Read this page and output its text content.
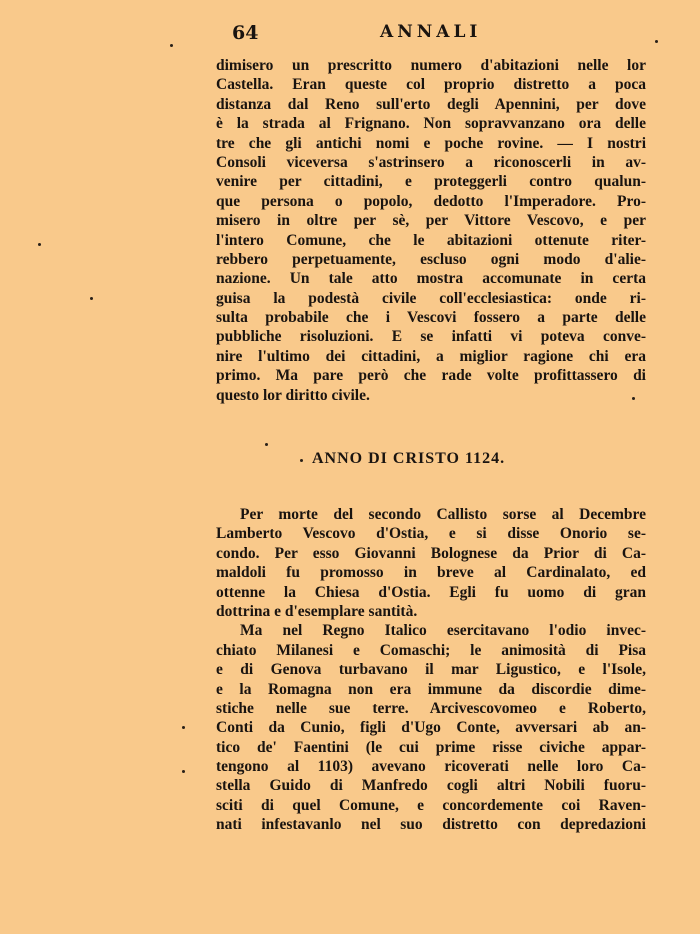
64	ANNALI
dimisero un prescritto numero d'abitazioni nelle lor
Castella. Eran queste col proprio distretto a poca
distanza dal Reno sull'erto degli Apennini, per dove
è la strada al Frignano. Non sopravvanzano ora delle
tre che gli antichi nomi e poche rovine. — I nostri
Consoli viceversa s'astrinsero a riconoscerli in av-
venire per cittadini, e proteggerli contro qualun-
que persona o popolo, dedotto l'Imperadore. Pro-
misero in oltre per sè, per Vittore Vescovo, e per
l'intero Comune, che le abitazioni ottenute riter-
rebbero perpetuamente, escluso ogni modo d'alie-
nazione. Un tale atto mostra accomunate in certa
guisa la podestà civile coll'ecclesiastica: onde ri-
sulta probabile che i Vescovi fossero a parte delle
pubbliche risoluzioni. E se infatti vi poteva conve-
nire l'ultimo dei cittadini, a miglior ragione chi era
primo. Ma pare però che rade volte profittassero di
questo lor diritto civile.
ANNO DI CRISTO 1124.
Per morte del secondo Callisto sorse al Decembre
Lamberto Vescovo d'Ostia, e si disse Onorio se-
condo. Per esso Giovanni Bolognese da Prior di Ca-
maldoli fu promosso in breve al Cardinalato, ed
ottenne la Chiesa d'Ostia. Egli fu uomo di gran
dottrina e d'esemplare santità.
Ma nel Regno Italico esercitavano l'odio invec-
chiato Milanesi e Comaschi; le animosità di Pisa
e di Genova turbavano il mar Ligustico, e l'Isole,
e la Romagna non era immune da discordie dime-
stiche nelle sue terre. Arcivescovomeo e Roberto,
Conti da Cunio, figli d'Ugo Conte, avversari ab an-
tico de' Faentini (le cui prime risse civiche appar-
tengono al 1103) avevano ricoverati nelle loro Ca-
stella Guido di Manfredo cogli altri Nobili fuoru-
sciti di quel Comune, e concordemente coi Raven-
nati infestavanlo nel suo distretto con depredazioni
